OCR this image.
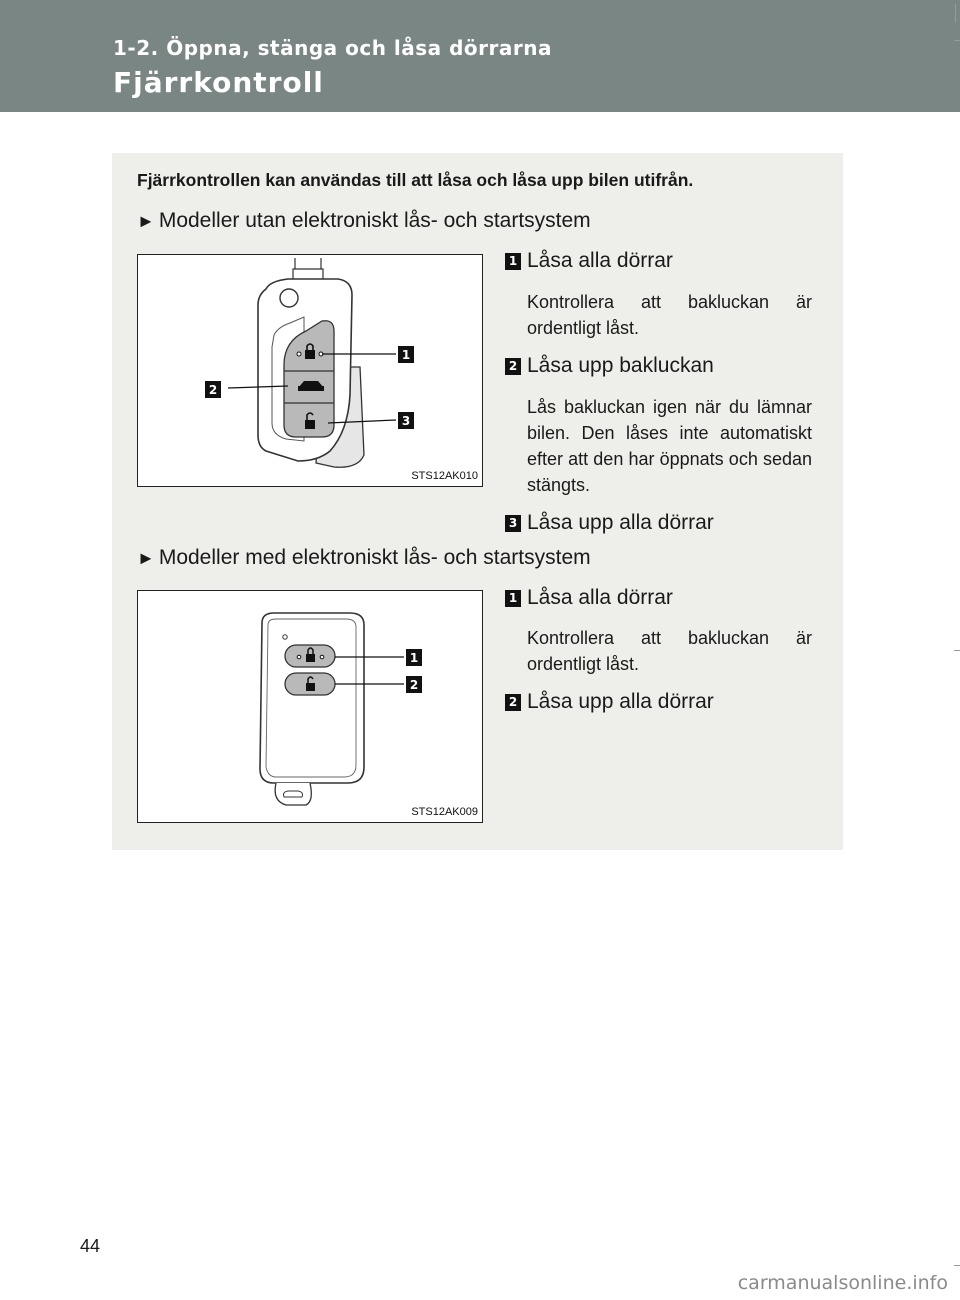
1-2. Öppna, stänga och låsa dörrarna
Fjärrkontroll
Fjärrkontrollen kan användas till att låsa och låsa upp bilen utifrån.
► Modeller utan elektroniskt lås- och startsystem
1
2
3
STS12AK010
1 Låsa alla dörrar
Kontrollera att bakluckan är ordentligt låst.
2 Låsa upp bakluckan
Lås bakluckan igen när du lämnar bilen. Den låses inte automatiskt efter att den har öppnats och sedan stängts.
3 Låsa upp alla dörrar
► Modeller med elektroniskt lås- och startsystem
1
2
STS12AK009
1 Låsa alla dörrar
Kontrollera att bakluckan är ordentligt låst.
2 Låsa upp alla dörrar
44
carmanualsonline.info
